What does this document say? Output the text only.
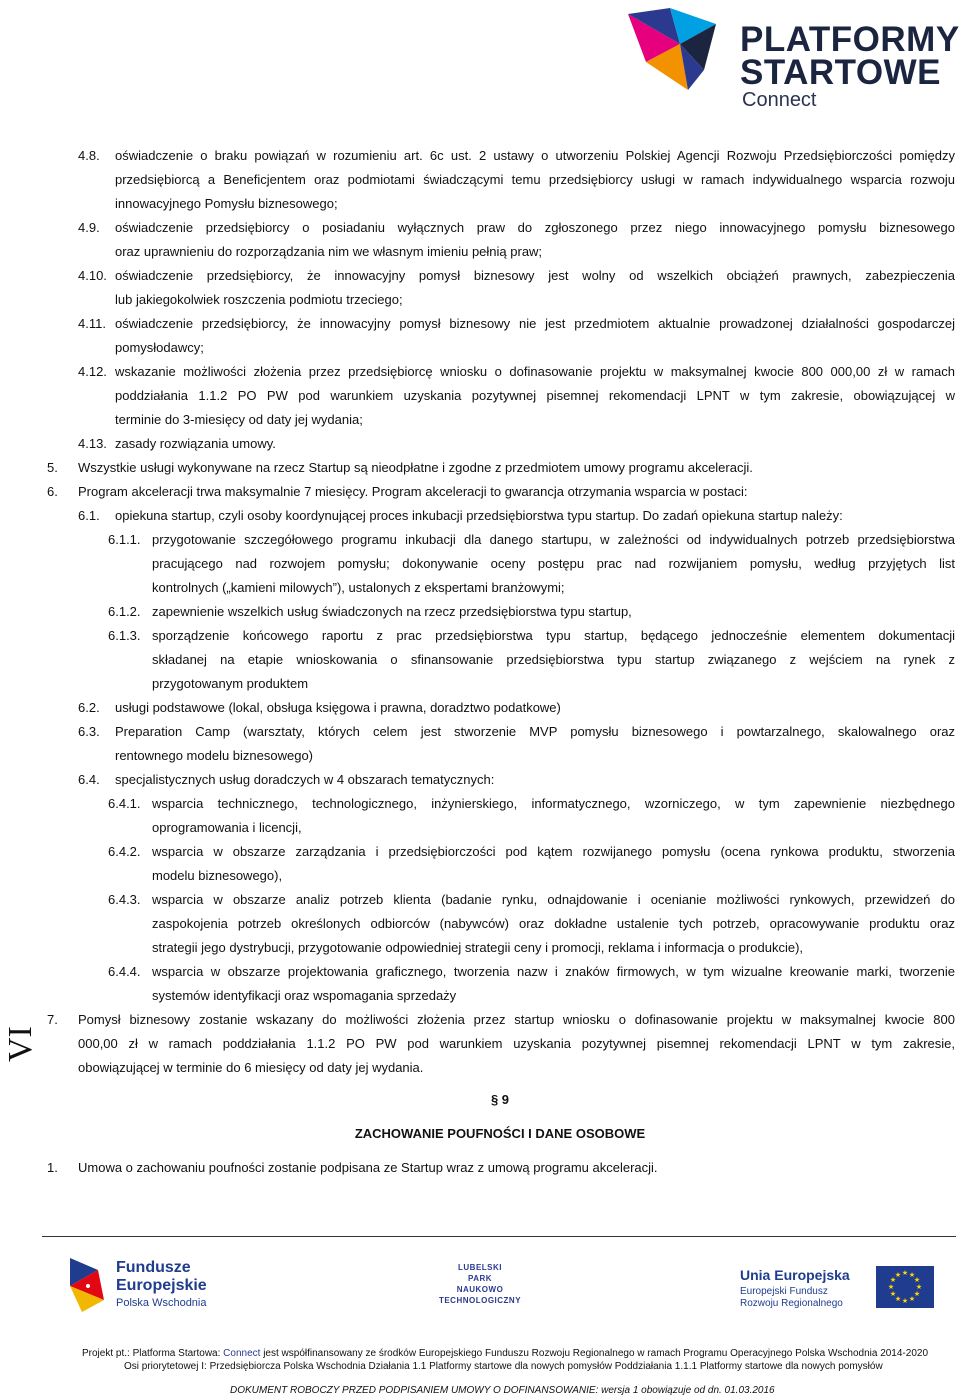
PLATFORMY
STARTOWE
Connect
4.8. oświadczenie o braku powiązań w rozumieniu art. 6c ust. 2 ustawy o utworzeniu Polskiej Agencji Rozwoju Przedsiębiorczości pomiędzy
przedsiębiorcą a Beneficjentem oraz podmiotami świadczącymi temu przedsiębiorcy usługi w ramach indywidualnego wsparcia rozwoju
innowacyjnego Pomysłu biznesowego;
4.9. oświadczenie przedsiębiorcy o posiadaniu wyłącznych praw do zgłoszonego przez niego innowacyjnego pomysłu biznesowego
oraz uprawnieniu do rozporządzania nim we własnym imieniu pełnią praw;
4.10. oświadczenie przedsiębiorcy, że innowacyjny pomysł biznesowy jest wolny od wszelkich obciążeń prawnych, zabezpieczenia
lub jakiegokolwiek roszczenia podmiotu trzeciego;
4.11. oświadczenie przedsiębiorcy, że innowacyjny pomysł biznesowy nie jest przedmiotem aktualnie prowadzonej działalności gospodarczej
pomysłodawcy;
4.12. wskazanie możliwości złożenia przez przedsiębiorcę wniosku o dofinasowanie projektu w maksymalnej kwocie 800 000,00 zł w ramach
poddziałania 1.1.2 PO PW pod warunkiem uzyskania pozytywnej pisemnej rekomendacji LPNT w tym zakresie, obowiązującej w
terminie do 3-miesięcy od daty jej wydania;
4.13. zasady rozwiązania umowy.
5. Wszystkie usługi wykonywane na rzecz Startup są nieodpłatne i zgodne z przedmiotem umowy programu akceleracji.
6. Program akceleracji trwa maksymalnie 7 miesięcy. Program akceleracji to gwarancja otrzymania wsparcia w postaci:
6.1. opiekuna startup, czyli osoby koordynującej proces inkubacji przedsiębiorstwa typu startup. Do zadań opiekuna startup należy:
6.1.1. przygotowanie szczegółowego programu inkubacji dla danego startupu, w zależności od indywidualnych potrzeb przedsiębiorstwa
pracującego nad rozwojem pomysłu; dokonywanie oceny postępu prac nad rozwijaniem pomysłu, według przyjętych list
kontrolnych („kamieni milowych”), ustalonych z ekspertami branżowymi;
6.1.2. zapewnienie wszelkich usług świadczonych na rzecz przedsiębiorstwa typu startup,
6.1.3. sporządzenie końcowego raportu z prac przedsiębiorstwa typu startup, będącego jednocześnie elementem dokumentacji
składanej na etapie wnioskowania o sfinansowanie przedsiębiorstwa typu startup związanego z wejściem na rynek z
przygotowanym produktem
6.2. usługi podstawowe (lokal, obsługa księgowa i prawna, doradztwo podatkowe)
6.3. Preparation Camp (warsztaty, których celem jest stworzenie MVP pomysłu biznesowego i powtarzalnego, skalowalnego oraz
rentownego modelu biznesowego)
6.4. specjalistycznych usług doradczych w 4 obszarach tematycznych:
6.4.1. wsparcia technicznego, technologicznego, inżynierskiego, informatycznego, wzorniczego, w tym zapewnienie niezbędnego
oprogramowania i licencji,
6.4.2. wsparcia w obszarze zarządzania i przedsiębiorczości pod kątem rozwijanego pomysłu (ocena rynkowa produktu, stworzenia
modelu biznesowego),
6.4.3. wsparcia w obszarze analiz potrzeb klienta (badanie rynku, odnajdowanie i ocenianie możliwości rynkowych, przewidzeń do
zaspokojenia potrzeb określonych odbiorców (nabywców) oraz dokładne ustalenie tych potrzeb, opracowywanie produktu oraz
strategii jego dystrybucji, przygotowanie odpowiedniej strategii ceny i promocji, reklama i informacja o produkcie),
6.4.4. wsparcia w obszarze projektowania graficznego, tworzenia nazw i znaków firmowych, w tym wizualne kreowanie marki, tworzenie
systemów identyfikacji oraz wspomagania sprzedaży
7. Pomysł biznesowy zostanie wskazany do możliwości złożenia przez startup wniosku o dofinasowanie projektu w maksymalnej kwocie 800
000,00 zł w ramach poddziałania 1.1.2 PO PW pod warunkiem uzyskania pozytywnej pisemnej rekomendacji LPNT w tym zakresie,
obowiązującej w terminie do 6 miesięcy od daty jej wydania.
§ 9
ZACHOWANIE POUFNOŚCI I DANE OSOBOWE
1. Umowa o zachowaniu poufności zostanie podpisana ze Startup wraz z umową programu akceleracji.
VI
Fundusze
Europejskie
Polska Wschodnia
LUBELSKI
PARK
NAUKOWO
TECHNOLOGICZNY
Unia Europejska
Europejski Fundusz
Rozwoju Regionalnego
★ ★
★
★
★
★
★
★
★
★
★
★
Projekt pt.: Platforma Startowa: Connect jest współfinansowany ze środków Europejskiego Funduszu Rozwoju Regionalnego w ramach Programu Operacyjnego Polska Wschodnia 2014-2020
Osi priorytetowej I: Przedsiębiorcza Polska Wschodnia Działania 1.1 Platformy startowe dla nowych pomysłów Poddziałania 1.1.1 Platformy startowe dla nowych pomysłów
DOKUMENT ROBOCZY PRZED PODPISANIEM UMOWY O DOFINANSOWANIE: wersja 1 obowiązuje od dn. 01.03.2016
